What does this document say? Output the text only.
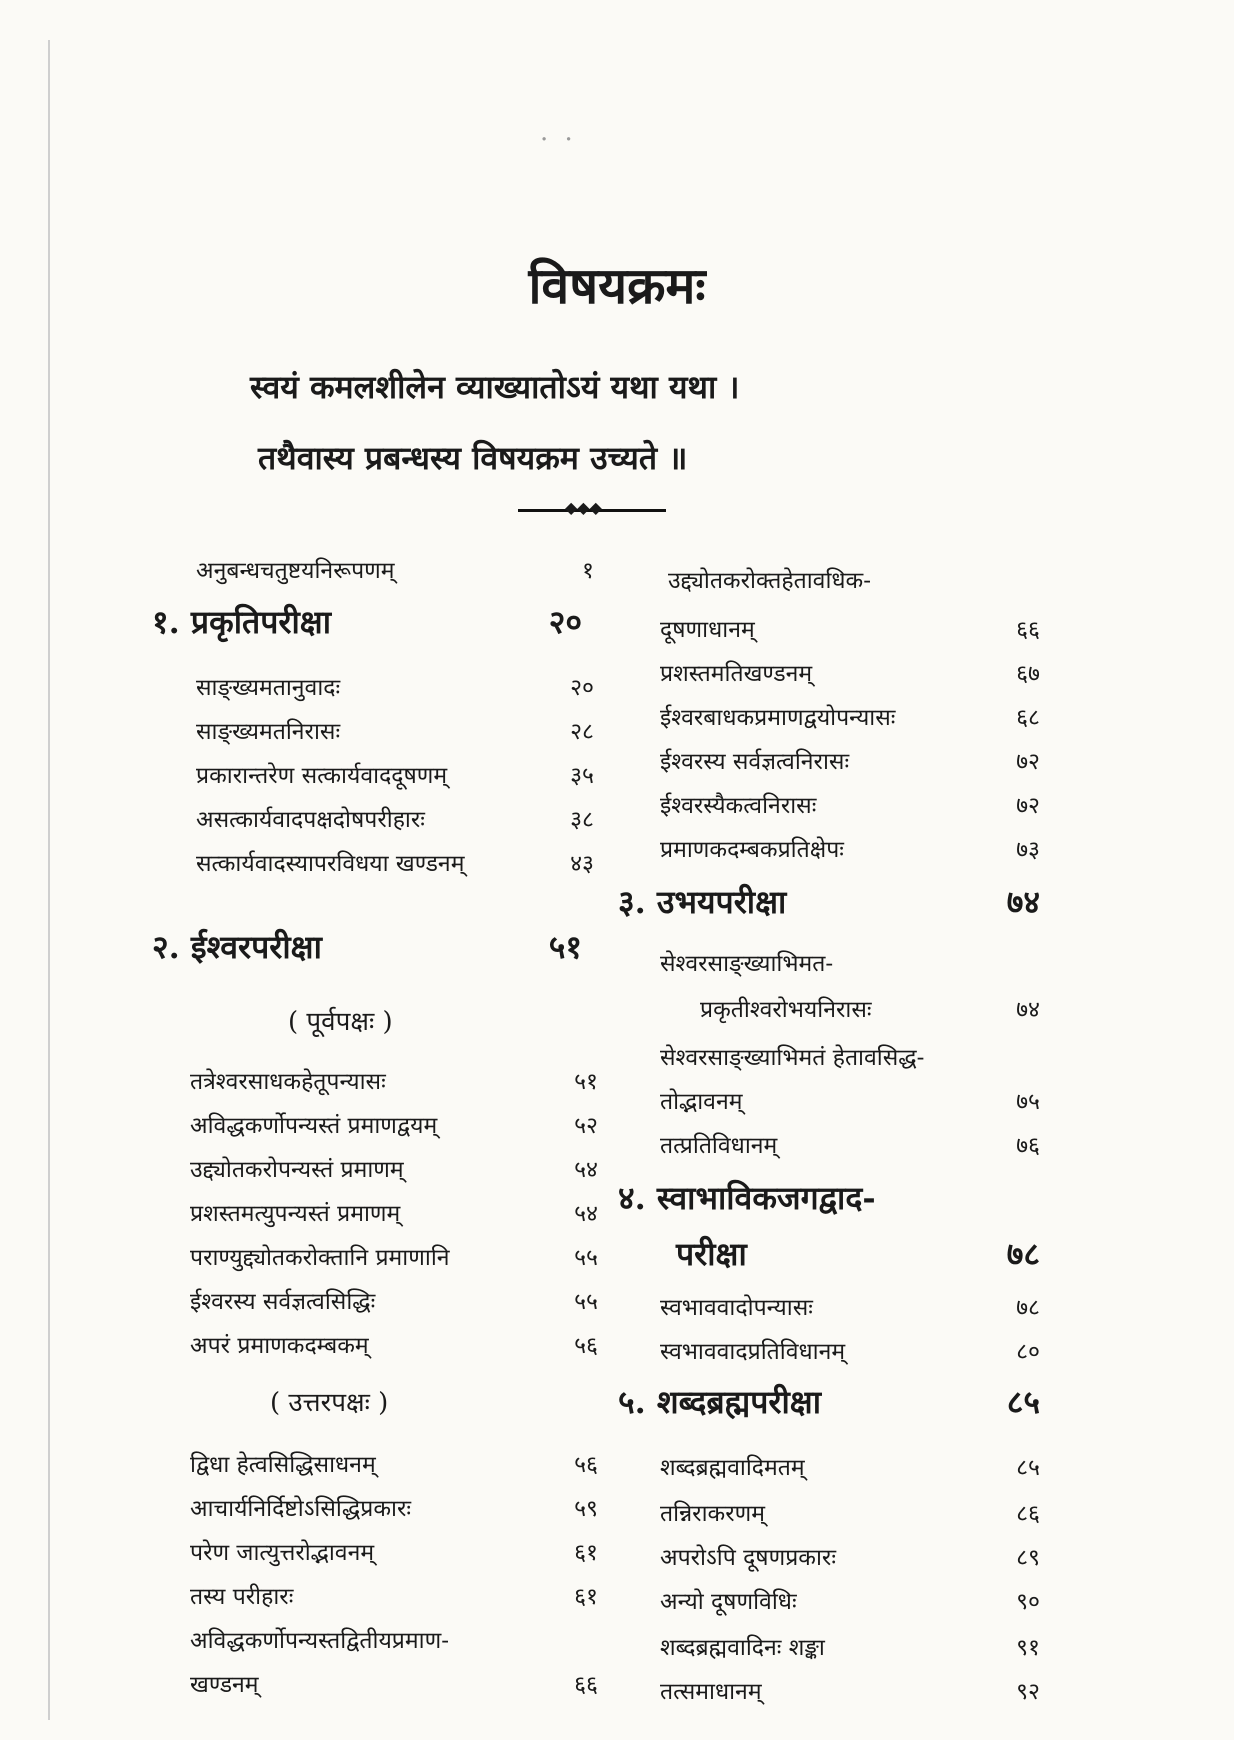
· ·
विषयक्रमः
स्वयं कमलशीलेन व्याख्यातोऽयं यथा यथा ।
तथैवास्य प्रबन्धस्य विषयक्रम उच्यते ॥
◆◆◆
अनुबन्धचतुष्टयनिरूपणम्	१
१. प्रकृतिपरीक्षा	२०
साङ्ख्यमतानुवादः	२०
साङ्ख्यमतनिरासः	२८
प्रकारान्तरेण सत्कार्यवाददूषणम्	३५
असत्कार्यवादपक्षदोषपरीहारः	३८
सत्कार्यवादस्यापरविधया खण्डनम्	४३
२. ईश्वरपरीक्षा	५१
( पूर्वपक्षः )
तत्रेश्वरसाधकहेतूपन्यासः	५१
अविद्धकर्णोपन्यस्तं प्रमाणद्वयम्	५२
उद्द्योतकरोपन्यस्तं प्रमाणम्	५४
प्रशस्तमत्युपन्यस्तं प्रमाणम्	५४
पराण्युद्द्योतकरोक्तानि प्रमाणानि	५५
ईश्वरस्य सर्वज्ञत्वसिद्धिः	५५
अपरं प्रमाणकदम्बकम्	५६
( उत्तरपक्षः )
द्विधा हेत्वसिद्धिसाधनम्	५६
आचार्यनिर्दिष्टोऽसिद्धिप्रकारः	५९
परेण जात्युत्तरोद्भावनम्	६१
तस्य परीहारः	६१
अविद्धकर्णोपन्यस्तद्वितीयप्रमाण-
खण्डनम्	६६
उद्द्योतकरोक्तहेतावधिक-
दूषणाधानम्	६६
प्रशस्तमतिखण्डनम्	६७
ईश्वरबाधकप्रमाणद्वयोपन्यासः	६८
ईश्वरस्य सर्वज्ञत्वनिरासः	७२
ईश्वरस्यैकत्वनिरासः	७२
प्रमाणकदम्बकप्रतिक्षेपः	७३
३. उभयपरीक्षा	७४
सेश्वरसाङ्ख्याभिमत-
प्रकृतीश्वरोभयनिरासः	७४
सेश्वरसाङ्ख्याभिमतं हेतावसिद्ध-
तोद्भावनम्	७५
तत्प्रतिविधानम्	७६
४. स्वाभाविकजगद्वाद-
परीक्षा	७८
स्वभाववादोपन्यासः	७८
स्वभाववादप्रतिविधानम्	८०
५. शब्दब्रह्मपरीक्षा	८५
शब्दब्रह्मवादिमतम्	८५
तन्निराकरणम्	८६
अपरोऽपि दूषणप्रकारः	८९
अन्यो दूषणविधिः	९०
शब्दब्रह्मवादिनः शङ्का	९१
तत्समाधानम्	९२
